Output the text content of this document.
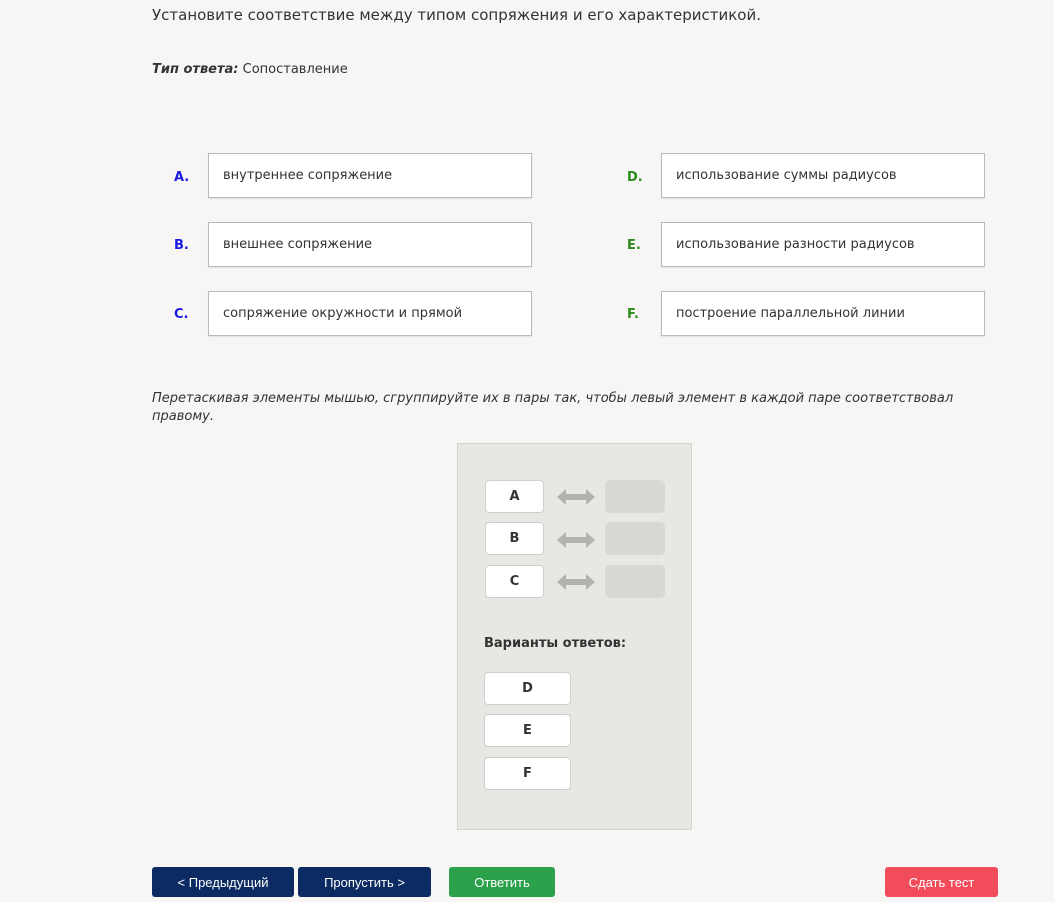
Установите соответствие между типом сопряжения и его характеристикой.
Тип ответа: Сопоставление
A.	внутреннее сопряжение
B.	внешнее сопряжение
C.	сопряжение окружности и прямой
D.	использование суммы радиусов
E.	использование разности радиусов
F.	построение параллельной линии
Перетаскивая элементы мышью, сгруппируйте их в пары так, чтобы левый элемент в каждой паре соответствовал правому.
A
B
C
Варианты ответов:
D
E
F
< Предыдущий	Пропустить >	Ответить	Сдать тест
